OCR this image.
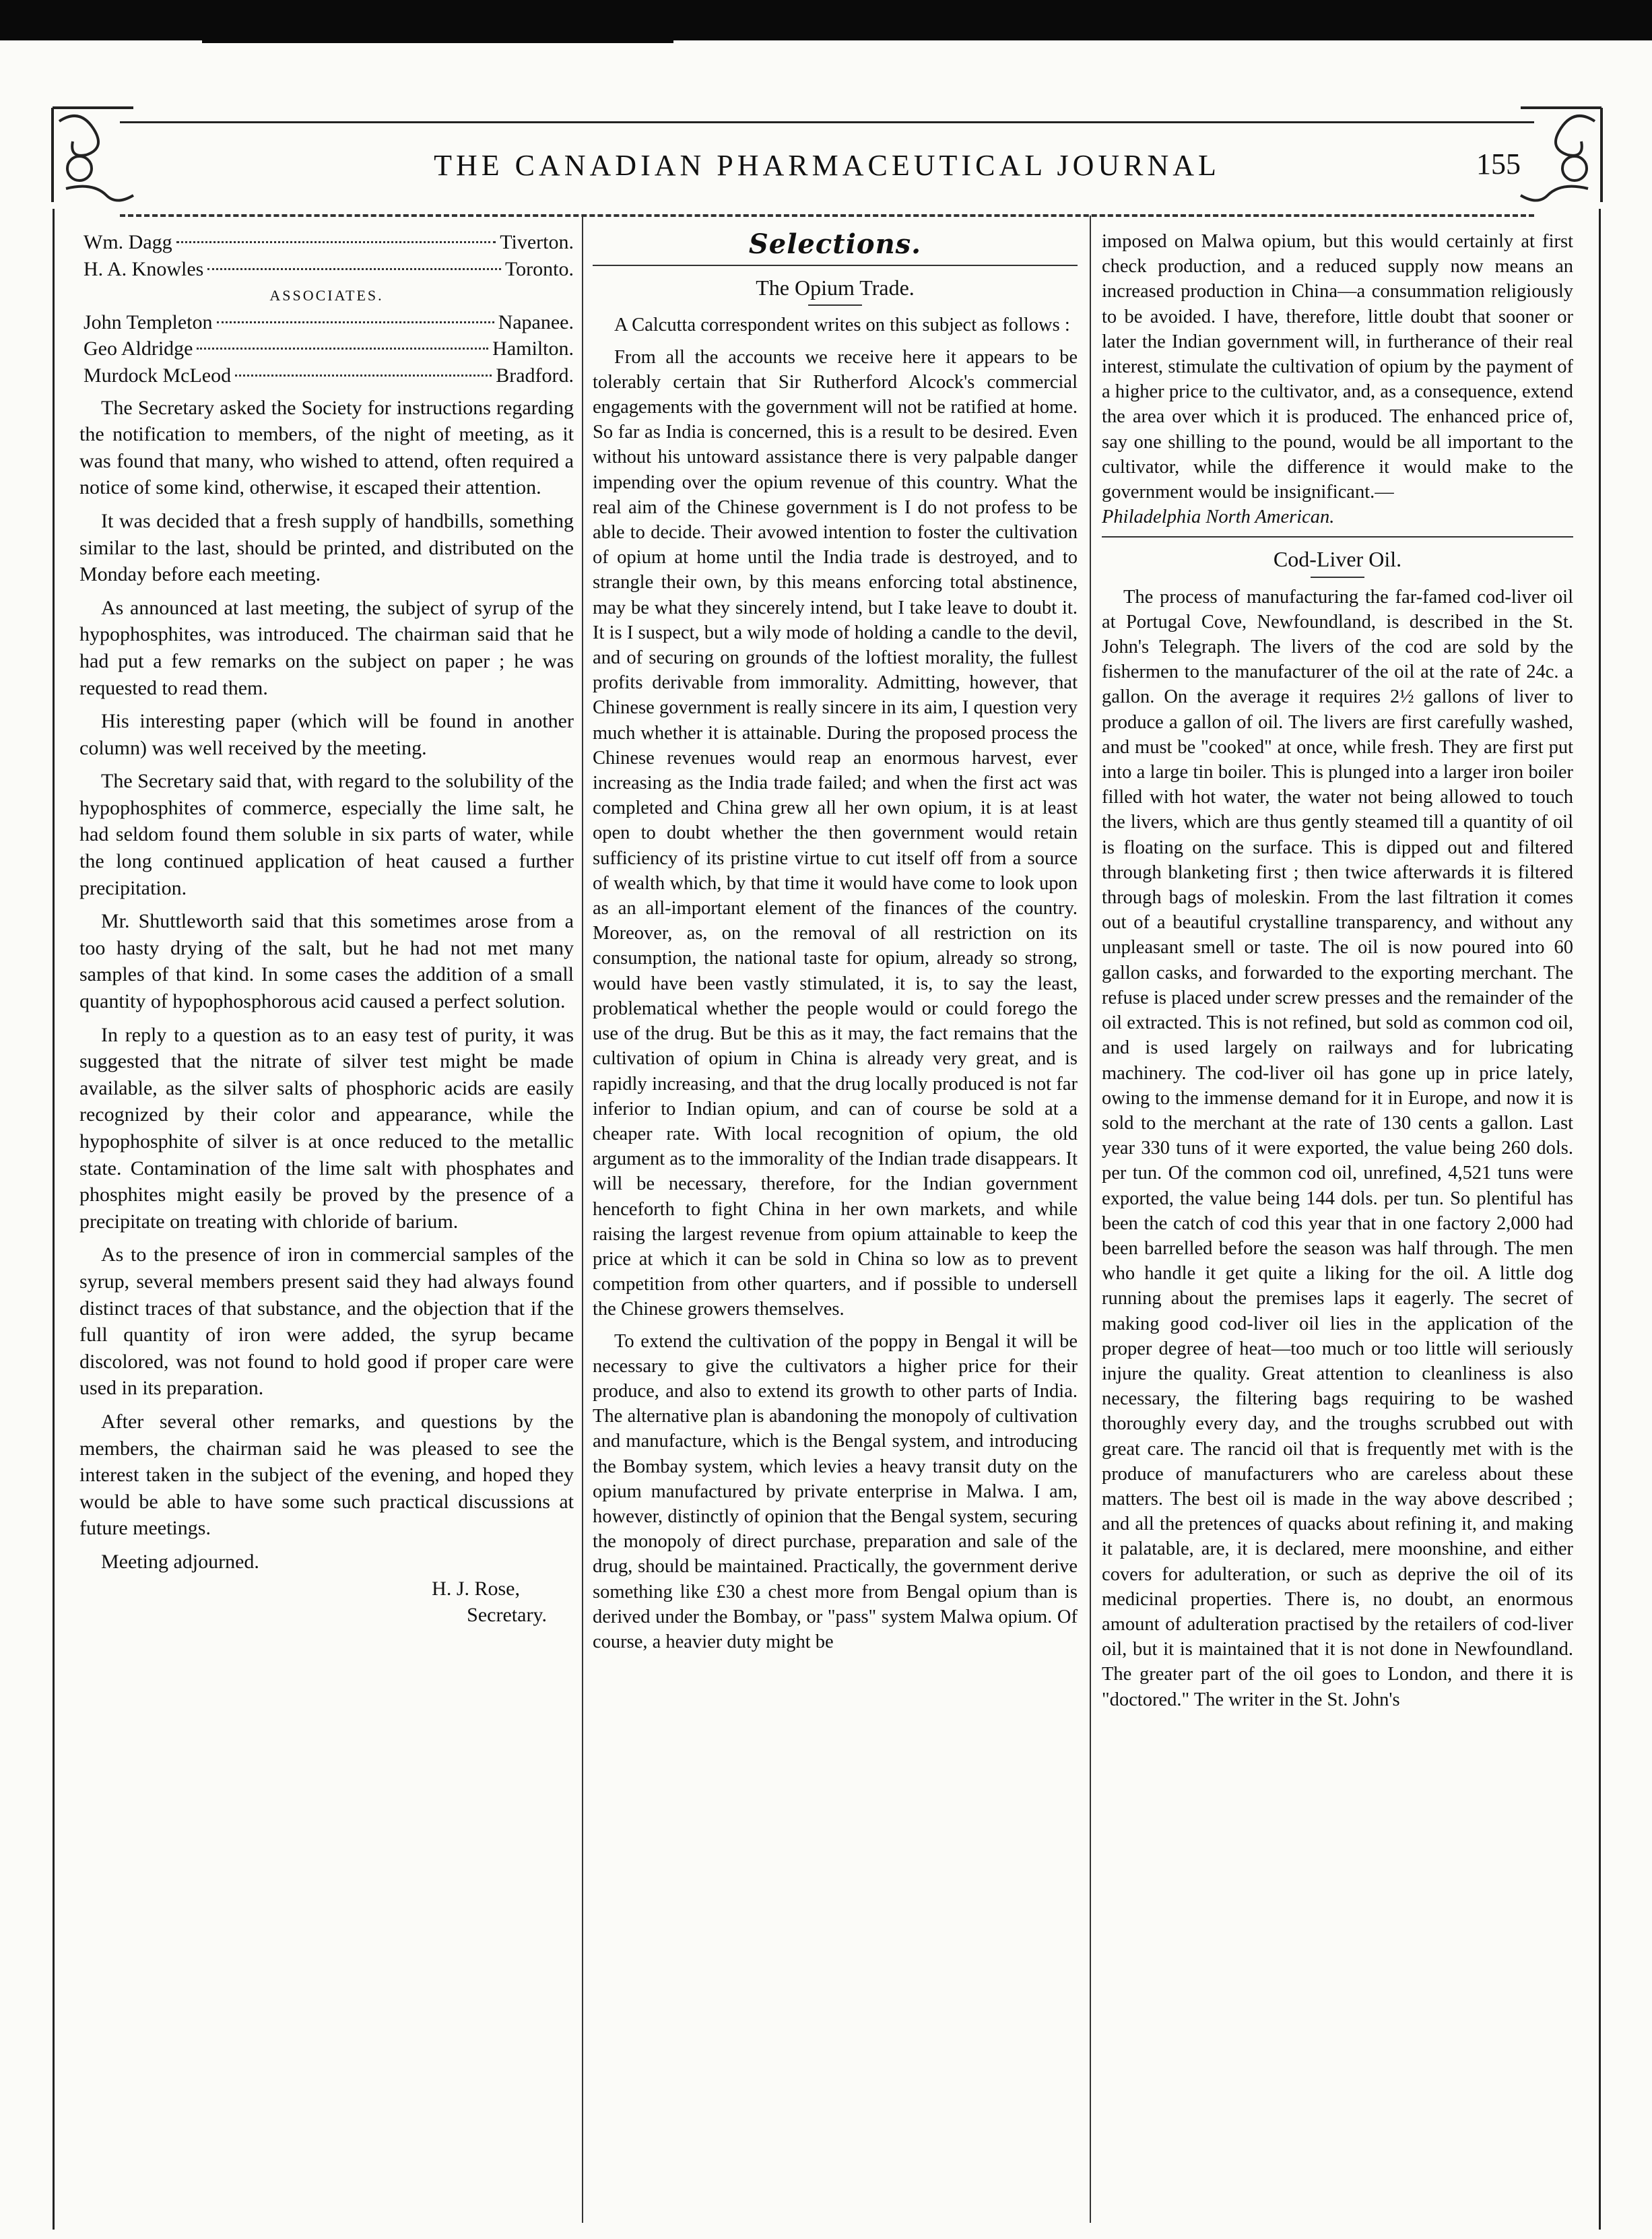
THE CANADIAN PHARMACEUTICAL JOURNAL	155
Wm. Dagg	Tiverton.
H. A. Knowles	Toronto.
ASSOCIATES.
John Templeton	Napanee.
Geo Aldridge	Hamilton.
Murdock McLeod	Bradford.

The Secretary asked the Society for instructions regarding the notification to members, of the night of meeting, as it was found that many, who wished to attend, often required a notice of some kind, otherwise, it escaped their attention.

It was decided that a fresh supply of handbills, something similar to the last, should be printed, and distributed on the Monday before each meeting.

As announced at last meeting, the subject of syrup of the hypophosphites, was introduced. The chairman said that he had put a few remarks on the subject on paper ; he was requested to read them.

His interesting paper (which will be found in another column) was well received by the meeting.

The Secretary said that, with regard to the solubility of the hypophosphites of commerce, especially the lime salt, he had seldom found them soluble in six parts of water, while the long continued application of heat caused a further precipitation.

Mr. Shuttleworth said that this sometimes arose from a too hasty drying of the salt, but he had not met many samples of that kind. In some cases the addition of a small quantity of hypophosphorous acid caused a perfect solution.

In reply to a question as to an easy test of purity, it was suggested that the nitrate of silver test might be made available, as the silver salts of phosphoric acids are easily recognized by their color and appearance, while the hypophosphite of silver is at once reduced to the metallic state. Contamination of the lime salt with phosphates and phosphites might easily be proved by the presence of a precipitate on treating with chloride of barium.

As to the presence of iron in commercial samples of the syrup, several members present said they had always found distinct traces of that substance, and the objection that if the full quantity of iron were added, the syrup became discolored, was not found to hold good if proper care were used in its preparation.

After several other remarks, and questions by the members, the chairman said he was pleased to see the interest taken in the subject of the evening, and hoped they would be able to have some such practical discussions at future meetings.

Meeting adjourned.

H. J. Rose,
Secretary.
Selections.
The Opium Trade.

A Calcutta correspondent writes on this subject as follows :

From all the accounts we receive here it appears to be tolerably certain that Sir Rutherford Alcock's commercial engagements with the government will not be ratified at home. So far as India is concerned, this is a result to be desired. Even without his untoward assistance there is very palpable danger impending over the opium revenue of this country. What the real aim of the Chinese government is I do not profess to be able to decide. Their avowed intention to foster the cultivation of opium at home until the India trade is destroyed, and to strangle their own, by this means enforcing total abstinence, may be what they sincerely intend, but I take leave to doubt it. It is I suspect, but a wily mode of holding a candle to the devil, and of securing on grounds of the loftiest morality, the fullest profits derivable from immorality. Admitting, however, that Chinese government is really sincere in its aim, I question very much whether it is attainable. During the proposed process the Chinese revenues would reap an enormous harvest, ever increasing as the India trade failed; and when the first act was completed and China grew all her own opium, it is at least open to doubt whether the then government would retain sufficiency of its pristine virtue to cut itself off from a source of wealth which, by that time it would have come to look upon as an all-important element of the finances of the country. Moreover, as, on the removal of all restriction on its consumption, the national taste for opium, already so strong, would have been vastly stimulated, it is, to say the least, problematical whether the people would or could forego the use of the drug. But be this as it may, the fact remains that the cultivation of opium in China is already very great, and is rapidly increasing, and that the drug locally produced is not far inferior to Indian opium, and can of course be sold at a cheaper rate. With local recognition of opium, the old argument as to the immorality of the Indian trade disappears. It will be necessary, therefore, for the Indian government henceforth to fight China in her own markets, and while raising the largest revenue from opium attainable to keep the price at which it can be sold in China so low as to prevent competition from other quarters, and if possible to undersell the Chinese growers themselves.

To extend the cultivation of the poppy in Bengal it will be necessary to give the cultivators a higher price for their produce, and also to extend its growth to other parts of India. The alternative plan is abandoning the monopoly of cultivation and manufacture, which is the Bengal system, and introducing the Bombay system, which levies a heavy transit duty on the opium manufactured by private enterprise in Malwa. I am, however, distinctly of opinion that the Bengal system, securing the monopoly of direct purchase, preparation and sale of the drug, should be maintained. Practically, the government derive something like £30 a chest more from Bengal opium than is derived under the Bombay, or "pass" system Malwa opium. Of course, a heavier duty might be

imposed on Malwa opium, but this would certainly at first check production, and a reduced supply now means an increased production in China—a consummation religiously to be avoided. I have, therefore, little doubt that sooner or later the Indian government will, in furtherance of their real interest, stimulate the cultivation of opium by the payment of a higher price to the cultivator, and, as a consequence, extend the area over which it is produced. The enhanced price of, say one shilling to the pound, would be all important to the cultivator, while the difference it would make to the government would be insignificant.—

Philadelphia North American.

Cod-Liver Oil.

The process of manufacturing the far-famed cod-liver oil at Portugal Cove, Newfoundland, is described in the St. John's Telegraph. The livers of the cod are sold by the fishermen to the manufacturer of the oil at the rate of 24c. a gallon. On the average it requires 2½ gallons of liver to produce a gallon of oil. The livers are first carefully washed, and must be "cooked" at once, while fresh. They are first put into a large tin boiler. This is plunged into a larger iron boiler filled with hot water, the water not being allowed to touch the livers, which are thus gently steamed till a quantity of oil is floating on the surface. This is dipped out and filtered through blanketing first ; then twice afterwards it is filtered through bags of moleskin. From the last filtration it comes out of a beautiful crystalline transparency, and without any unpleasant smell or taste. The oil is now poured into 60 gallon casks, and forwarded to the exporting merchant. The refuse is placed under screw presses and the remainder of the oil extracted. This is not refined, but sold as common cod oil, and is used largely on railways and for lubricating machinery. The cod-liver oil has gone up in price lately, owing to the immense demand for it in Europe, and now it is sold to the merchant at the rate of 130 cents a gallon. Last year 330 tuns of it were exported, the value being 260 dols. per tun. Of the common cod oil, unrefined, 4,521 tuns were exported, the value being 144 dols. per tun. So plentiful has been the catch of cod this year that in one factory 2,000 had been barrelled before the season was half through. The men who handle it get quite a liking for the oil. A little dog running about the premises laps it eagerly. The secret of making good cod-liver oil lies in the application of the proper degree of heat—too much or too little will seriously injure the quality. Great attention to cleanliness is also necessary, the filtering bags requiring to be washed thoroughly every day, and the troughs scrubbed out with great care. The rancid oil that is frequently met with is the produce of manufacturers who are careless about these matters. The best oil is made in the way above described ; and all the pretences of quacks about refining it, and making it palatable, are, it is declared, mere moonshine, and either covers for adulteration, or such as deprive the oil of its medicinal properties. There is, no doubt, an enormous amount of adulteration practised by the retailers of cod-liver oil, but it is maintained that it is not done in Newfoundland. The greater part of the oil goes to London, and there it is "doctored." The writer in the St. John's
